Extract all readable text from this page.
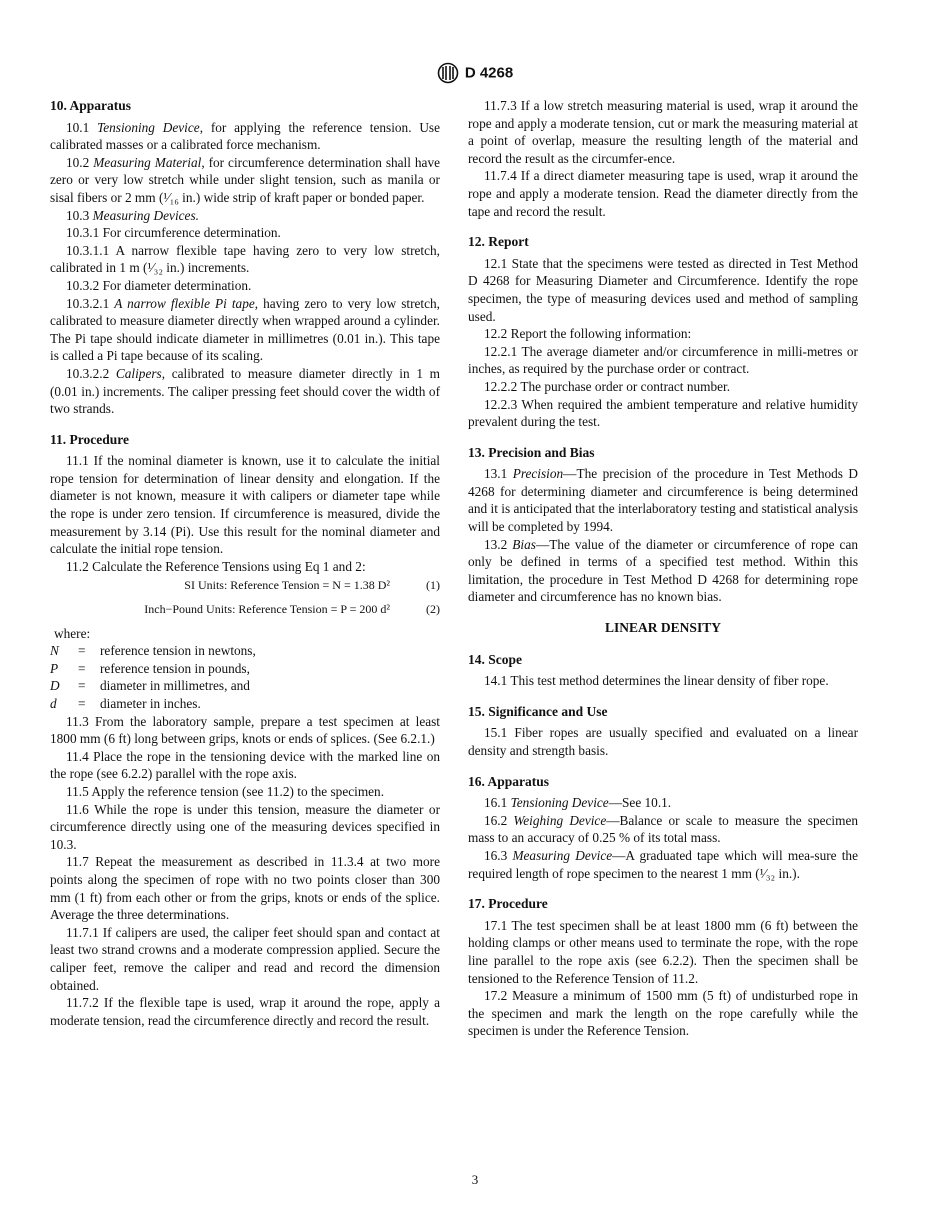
D 4268
10. Apparatus

10.1 Tensioning Device, for applying the reference tension. Use calibrated masses or a calibrated force mechanism.

10.2 Measuring Material, for circumference determination shall have zero or very low stretch while under slight tension, such as manila or sisal fibers or 2 mm (¹⁄₁₆ in.) wide strip of kraft paper or bonded paper.

10.3 Measuring Devices.

10.3.1 For circumference determination.

10.3.1.1 A narrow flexible tape having zero to very low stretch, calibrated in 1 m (¹⁄₃₂ in.) increments.

10.3.2 For diameter determination.

10.3.2.1 A narrow flexible Pi tape, having zero to very low stretch, calibrated to measure diameter directly when wrapped around a cylinder. The Pi tape should indicate diameter in millimetres (0.01 in.). This tape is called a Pi tape because of its scaling.

10.3.2.2 Calipers, calibrated to measure diameter directly in 1 m (0.01 in.) increments. The caliper pressing feet should cover the width of two strands.

11. Procedure

11.1 If the nominal diameter is known, use it to calculate the initial rope tension for determination of linear density and elongation. If the diameter is not known, measure it with calipers or diameter tape while the rope is under zero tension. If circumference is measured, divide the measurement by 3.14 (Pi). Use this result for the nominal diameter and calculate the initial rope tension.

11.2 Calculate the Reference Tensions using Eq 1 and 2:

SI Units: Reference Tension = N = 1.38 D²	(1)
Inch−Pound Units: Reference Tension = P = 200 d²	(2)
where:
N	=	reference tension in newtons,
P	=	reference tension in pounds,
D	=	diameter in millimetres, and
d	=	diameter in inches.

11.3 From the laboratory sample, prepare a test specimen at least 1800 mm (6 ft) long between grips, knots or ends of splices. (See 6.2.1.)

11.4 Place the rope in the tensioning device with the marked line on the rope (see 6.2.2) parallel with the rope axis.

11.5 Apply the reference tension (see 11.2) to the specimen.

11.6 While the rope is under this tension, measure the diameter or circumference directly using one of the measuring devices specified in 10.3.

11.7 Repeat the measurement as described in 11.3.4 at two more points along the specimen of rope with no two points closer than 300 mm (1 ft) from each other or from the grips, knots or ends of the splice. Average the three determinations.

11.7.1 If calipers are used, the caliper feet should span and contact at least two strand crowns and a moderate compression applied. Secure the caliper feet, remove the caliper and read and record the dimension obtained.

11.7.2 If the flexible tape is used, wrap it around the rope, apply a moderate tension, read the circumference directly and record the result.

11.7.3 If a low stretch measuring material is used, wrap it around the rope and apply a moderate tension, cut or mark the measuring material at a point of overlap, measure the resulting length of the material and record the result as the circumfer-ence.

11.7.4 If a direct diameter measuring tape is used, wrap it around the rope and apply a moderate tension. Read the diameter directly from the tape and record the result.

12. Report

12.1 State that the specimens were tested as directed in Test Method D 4268 for Measuring Diameter and Circumference. Identify the rope specimen, the type of measuring devices used and method of sampling used.

12.2 Report the following information:

12.2.1 The average diameter and/or circumference in milli-metres or inches, as required by the purchase order or contract.

12.2.2 The purchase order or contract number.

12.2.3 When required the ambient temperature and relative humidity prevalent during the test.

13. Precision and Bias

13.1 Precision—The precision of the procedure in Test Methods D 4268 for determining diameter and circumference is being determined and it is anticipated that the interlaboratory testing and statistical analysis will be completed by 1994.

13.2 Bias—The value of the diameter or circumference of rope can only be defined in terms of a specified test method. Within this limitation, the procedure in Test Method D 4268 for determining rope diameter and circumference has no known bias.

LINEAR DENSITY
14. Scope

14.1 This test method determines the linear density of fiber rope.

15. Significance and Use

15.1 Fiber ropes are usually specified and evaluated on a linear density and strength basis.

16. Apparatus

16.1 Tensioning Device—See 10.1.

16.2 Weighing Device—Balance or scale to measure the specimen mass to an accuracy of 0.25 % of its total mass.

16.3 Measuring Device—A graduated tape which will mea-sure the required length of rope specimen to the nearest 1 mm (¹⁄₃₂ in.).

17. Procedure

17.1 The test specimen shall be at least 1800 mm (6 ft) between the holding clamps or other means used to terminate the rope, with the rope line parallel to the rope axis (see 6.2.2). Then the specimen shall be tensioned to the Reference Tension of 11.2.

17.2 Measure a minimum of 1500 mm (5 ft) of undisturbed rope in the specimen and mark the length on the rope carefully while the specimen is under the Reference Tension.

3
